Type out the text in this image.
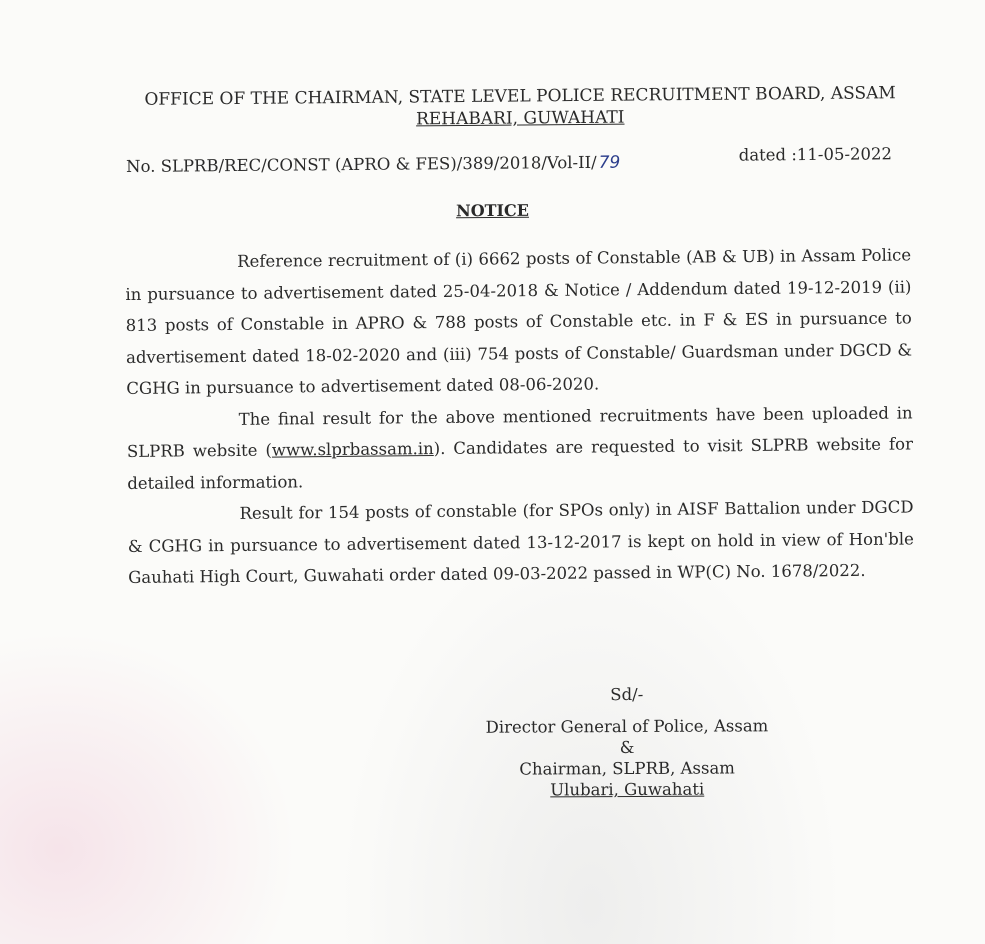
OFFICE OF THE CHAIRMAN, STATE LEVEL POLICE RECRUITMENT BOARD, ASSAM
REHABARI, GUWAHATI
No. SLPRB/REC/CONST (APRO & FES)/389/2018/Vol-II/ 79	dated :11-05-2022
NOTICE

Reference recruitment of (i) 6662 posts of Constable (AB & UB) in Assam Police in pursuance to advertisement dated 25-04-2018 & Notice / Addendum dated 19-12-2019 (ii) 813 posts of Constable in APRO & 788 posts of Constable etc. in F & ES in pursuance to advertisement dated 18-02-2020 and (iii) 754 posts of Constable/ Guardsman under DGCD & CGHG in pursuance to advertisement dated 08-06-2020.

The final result for the above mentioned recruitments have been uploaded in SLPRB website (www.slprbassam.in). Candidates are requested to visit SLPRB website for detailed information.

Result for 154 posts of constable (for SPOs only) in AISF Battalion under DGCD & CGHG in pursuance to advertisement dated 13-12-2017 is kept on hold in view of Hon'ble Gauhati High Court, Guwahati order dated 09-03-2022 passed in WP(C) No. 1678/2022.

Sd/-
Director General of Police, Assam
&
Chairman, SLPRB, Assam
Ulubari, Guwahati
